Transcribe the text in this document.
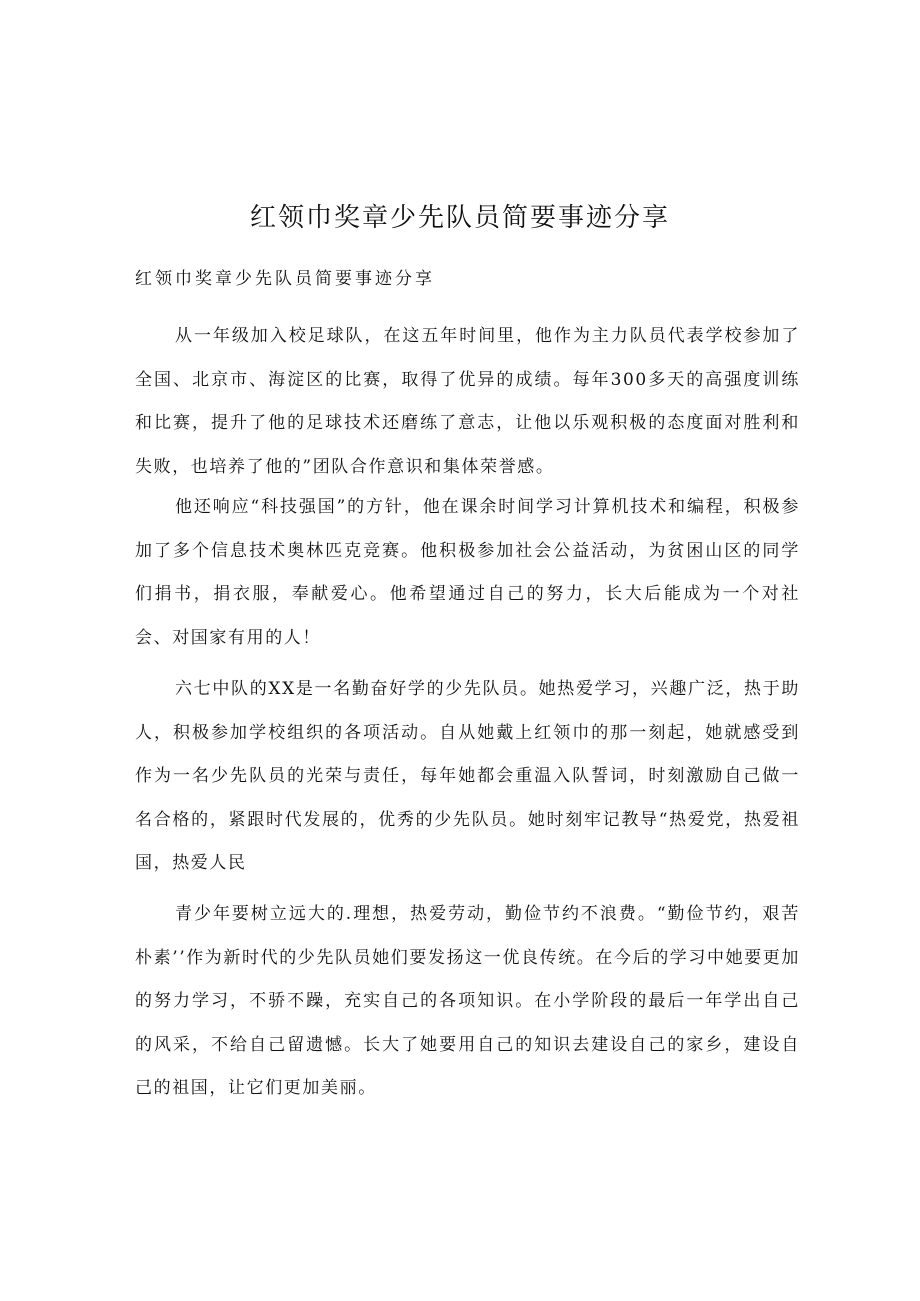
红领巾奖章少先队员简要事迹分享

红领巾奖章少先队员简要事迹分享

从一年级加入校足球队，在这五年时间里，他作为主力队员代表学校参加了全国、北京市、海淀区的比赛，取得了优异的成绩。每年300多天的高强度训练和比赛，提升了他的足球技术还磨练了意志，让他以乐观积极的态度面对胜利和失败，也培养了他的”团队合作意识和集体荣誉感。

他还响应“科技强国”的方针，他在课余时间学习计算机技术和编程，积极参加了多个信息技术奥林匹克竞赛。他积极参加社会公益活动，为贫困山区的同学们捐书，捐衣服，奉献爱心。他希望通过自己的努力，长大后能成为一个对社会、对国家有用的人！

六七中队的XX是一名勤奋好学的少先队员。她热爱学习，兴趣广泛，热于助人，积极参加学校组织的各项活动。自从她戴上红领巾的那一刻起，她就感受到作为一名少先队员的光荣与责任，每年她都会重温入队誓词，时刻激励自己做一名合格的，紧跟时代发展的，优秀的少先队员。她时刻牢记教导“热爱党，热爱祖国，热爱人民

青少年要树立远大的.理想，热爱劳动，勤俭节约不浪费。“勤俭节约，艰苦朴素’’作为新时代的少先队员她们要发扬这一优良传统。在今后的学习中她要更加的努力学习，不骄不躁，充实自己的各项知识。在小学阶段的最后一年学出自己的风采，不给自己留遗憾。长大了她要用自己的知识去建设自己的家乡，建设自己的祖国，让它们更加美丽。
